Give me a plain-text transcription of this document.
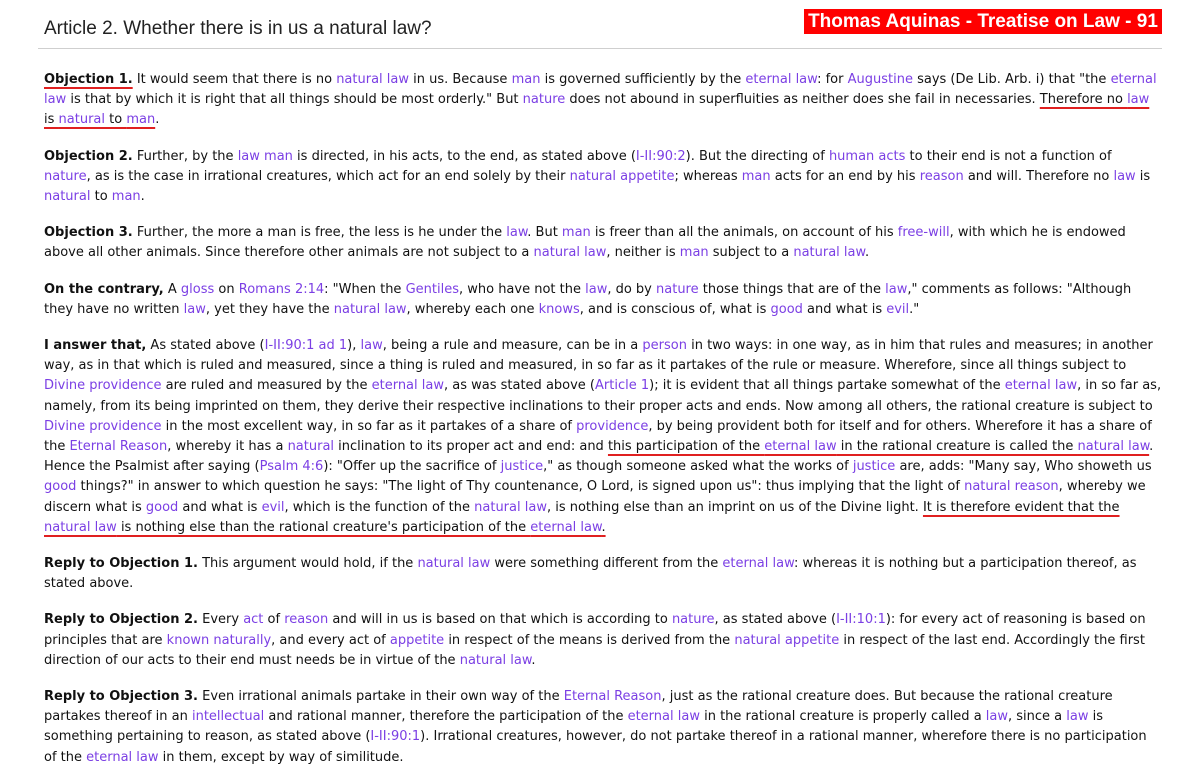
Article 2. Whether there is in us a natural law?	Thomas Aquinas - Treatise on Law - 91

Objection 1. It would seem that there is no natural law in us. Because man is governed sufficiently by the eternal law: for Augustine says (De Lib. Arb. i) that "the eternal law is that by which it is right that all things should be most orderly." But nature does not abound in superfluities as neither does she fail in necessaries. Therefore no law is natural to man.

Objection 2. Further, by the law man is directed, in his acts, to the end, as stated above (I-II:90:2). But the directing of human acts to their end is not a function of nature, as is the case in irrational creatures, which act for an end solely by their natural appetite; whereas man acts for an end by his reason and will. Therefore no law is natural to man.

Objection 3. Further, the more a man is free, the less is he under the law. But man is freer than all the animals, on account of his free-will, with which he is endowed above all other animals. Since therefore other animals are not subject to a natural law, neither is man subject to a natural law.

On the contrary, A gloss on Romans 2:14: "When the Gentiles, who have not the law, do by nature those things that are of the law," comments as follows: "Although they have no written law, yet they have the natural law, whereby each one knows, and is conscious of, what is good and what is evil."

I answer that, As stated above (I-II:90:1 ad 1), law, being a rule and measure, can be in a person in two ways: in one way, as in him that rules and measures; in another way, as in that which is ruled and measured, since a thing is ruled and measured, in so far as it partakes of the rule or measure. Wherefore, since all things subject to Divine providence are ruled and measured by the eternal law, as was stated above (Article 1); it is evident that all things partake somewhat of the eternal law, in so far as, namely, from its being imprinted on them, they derive their respective inclinations to their proper acts and ends. Now among all others, the rational creature is subject to Divine providence in the most excellent way, in so far as it partakes of a share of providence, by being provident both for itself and for others. Wherefore it has a share of the Eternal Reason, whereby it has a natural inclination to its proper act and end: and this participation of the eternal law in the rational creature is called the natural law. Hence the Psalmist after saying (Psalm 4:6): "Offer up the sacrifice of justice," as though someone asked what the works of justice are, adds: "Many say, Who showeth us good things?" in answer to which question he says: "The light of Thy countenance, O Lord, is signed upon us": thus implying that the light of natural reason, whereby we discern what is good and what is evil, which is the function of the natural law, is nothing else than an imprint on us of the Divine light. It is therefore evident that the natural law is nothing else than the rational creature's participation of the eternal law.

Reply to Objection 1. This argument would hold, if the natural law were something different from the eternal law: whereas it is nothing but a participation thereof, as stated above.

Reply to Objection 2. Every act of reason and will in us is based on that which is according to nature, as stated above (I-II:10:1): for every act of reasoning is based on principles that are known naturally, and every act of appetite in respect of the means is derived from the natural appetite in respect of the last end. Accordingly the first direction of our acts to their end must needs be in virtue of the natural law.

Reply to Objection 3. Even irrational animals partake in their own way of the Eternal Reason, just as the rational creature does. But because the rational creature partakes thereof in an intellectual and rational manner, therefore the participation of the eternal law in the rational creature is properly called a law, since a law is something pertaining to reason, as stated above (I-II:90:1). Irrational creatures, however, do not partake thereof in a rational manner, wherefore there is no participation of the eternal law in them, except by way of similitude.
